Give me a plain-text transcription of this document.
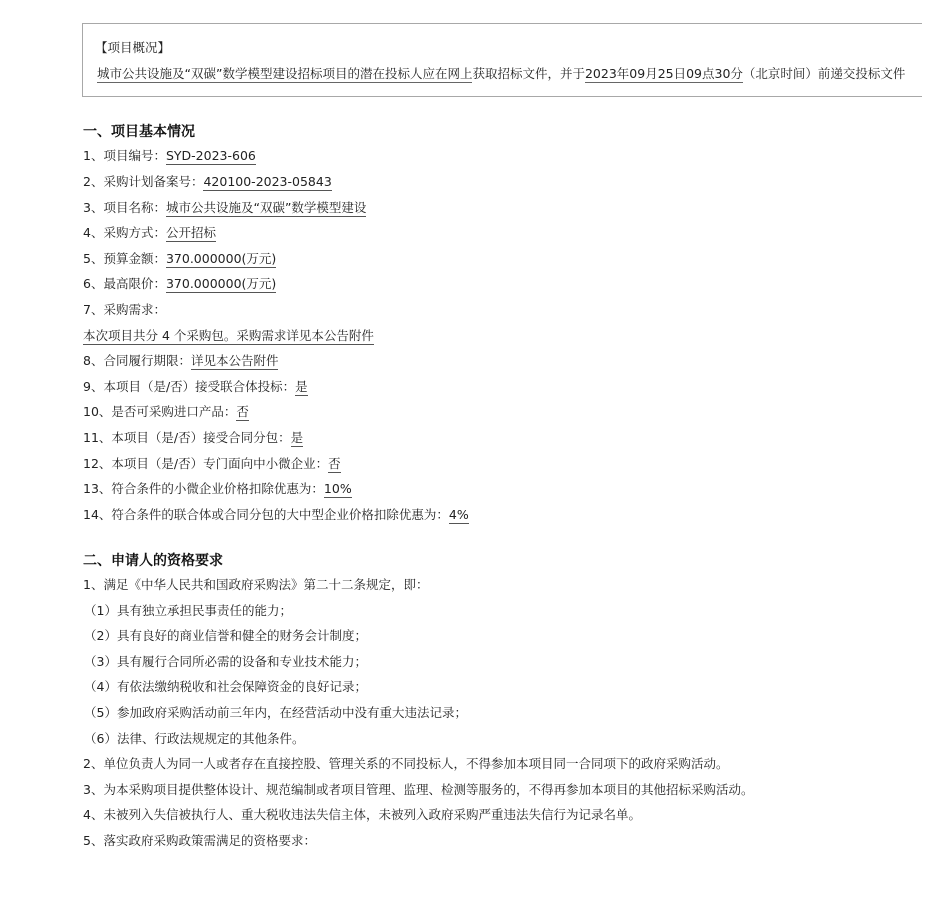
【项目概况】
城市公共设施及“双碳”数学模型建设招标项目的潜在投标人应在网上获取招标文件，并于2023年09月25日09点30分（北京时间）前递交投标文件
一、项目基本情况
1、项目编号：SYD-2023-606
2、采购计划备案号：420100-2023-05843
3、项目名称：城市公共设施及“双碳”数学模型建设
4、采购方式：公开招标
5、预算金额：370.000000(万元)
6、最高限价：370.000000(万元)
7、采购需求：
本次项目共分 4 个采购包。采购需求详见本公告附件
8、合同履行期限：详见本公告附件
9、本项目（是/否）接受联合体投标：是
10、是否可采购进口产品：否
11、本项目（是/否）接受合同分包：是
12、本项目（是/否）专门面向中小微企业：否
13、符合条件的小微企业价格扣除优惠为：10%
14、符合条件的联合体或合同分包的大中型企业价格扣除优惠为：4%
二、申请人的资格要求
1、满足《中华人民共和国政府采购法》第二十二条规定，即：
（1）具有独立承担民事责任的能力；
（2）具有良好的商业信誉和健全的财务会计制度；
（3）具有履行合同所必需的设备和专业技术能力；
（4）有依法缴纳税收和社会保障资金的良好记录；
（5）参加政府采购活动前三年内，在经营活动中没有重大违法记录；
（6）法律、行政法规规定的其他条件。
2、单位负责人为同一人或者存在直接控股、管理关系的不同投标人，不得参加本项目同一合同项下的政府采购活动。
3、为本采购项目提供整体设计、规范编制或者项目管理、监理、检测等服务的，不得再参加本项目的其他招标采购活动。
4、未被列入失信被执行人、重大税收违法失信主体，未被列入政府采购严重违法失信行为记录名单。
5、落实政府采购政策需满足的资格要求：
